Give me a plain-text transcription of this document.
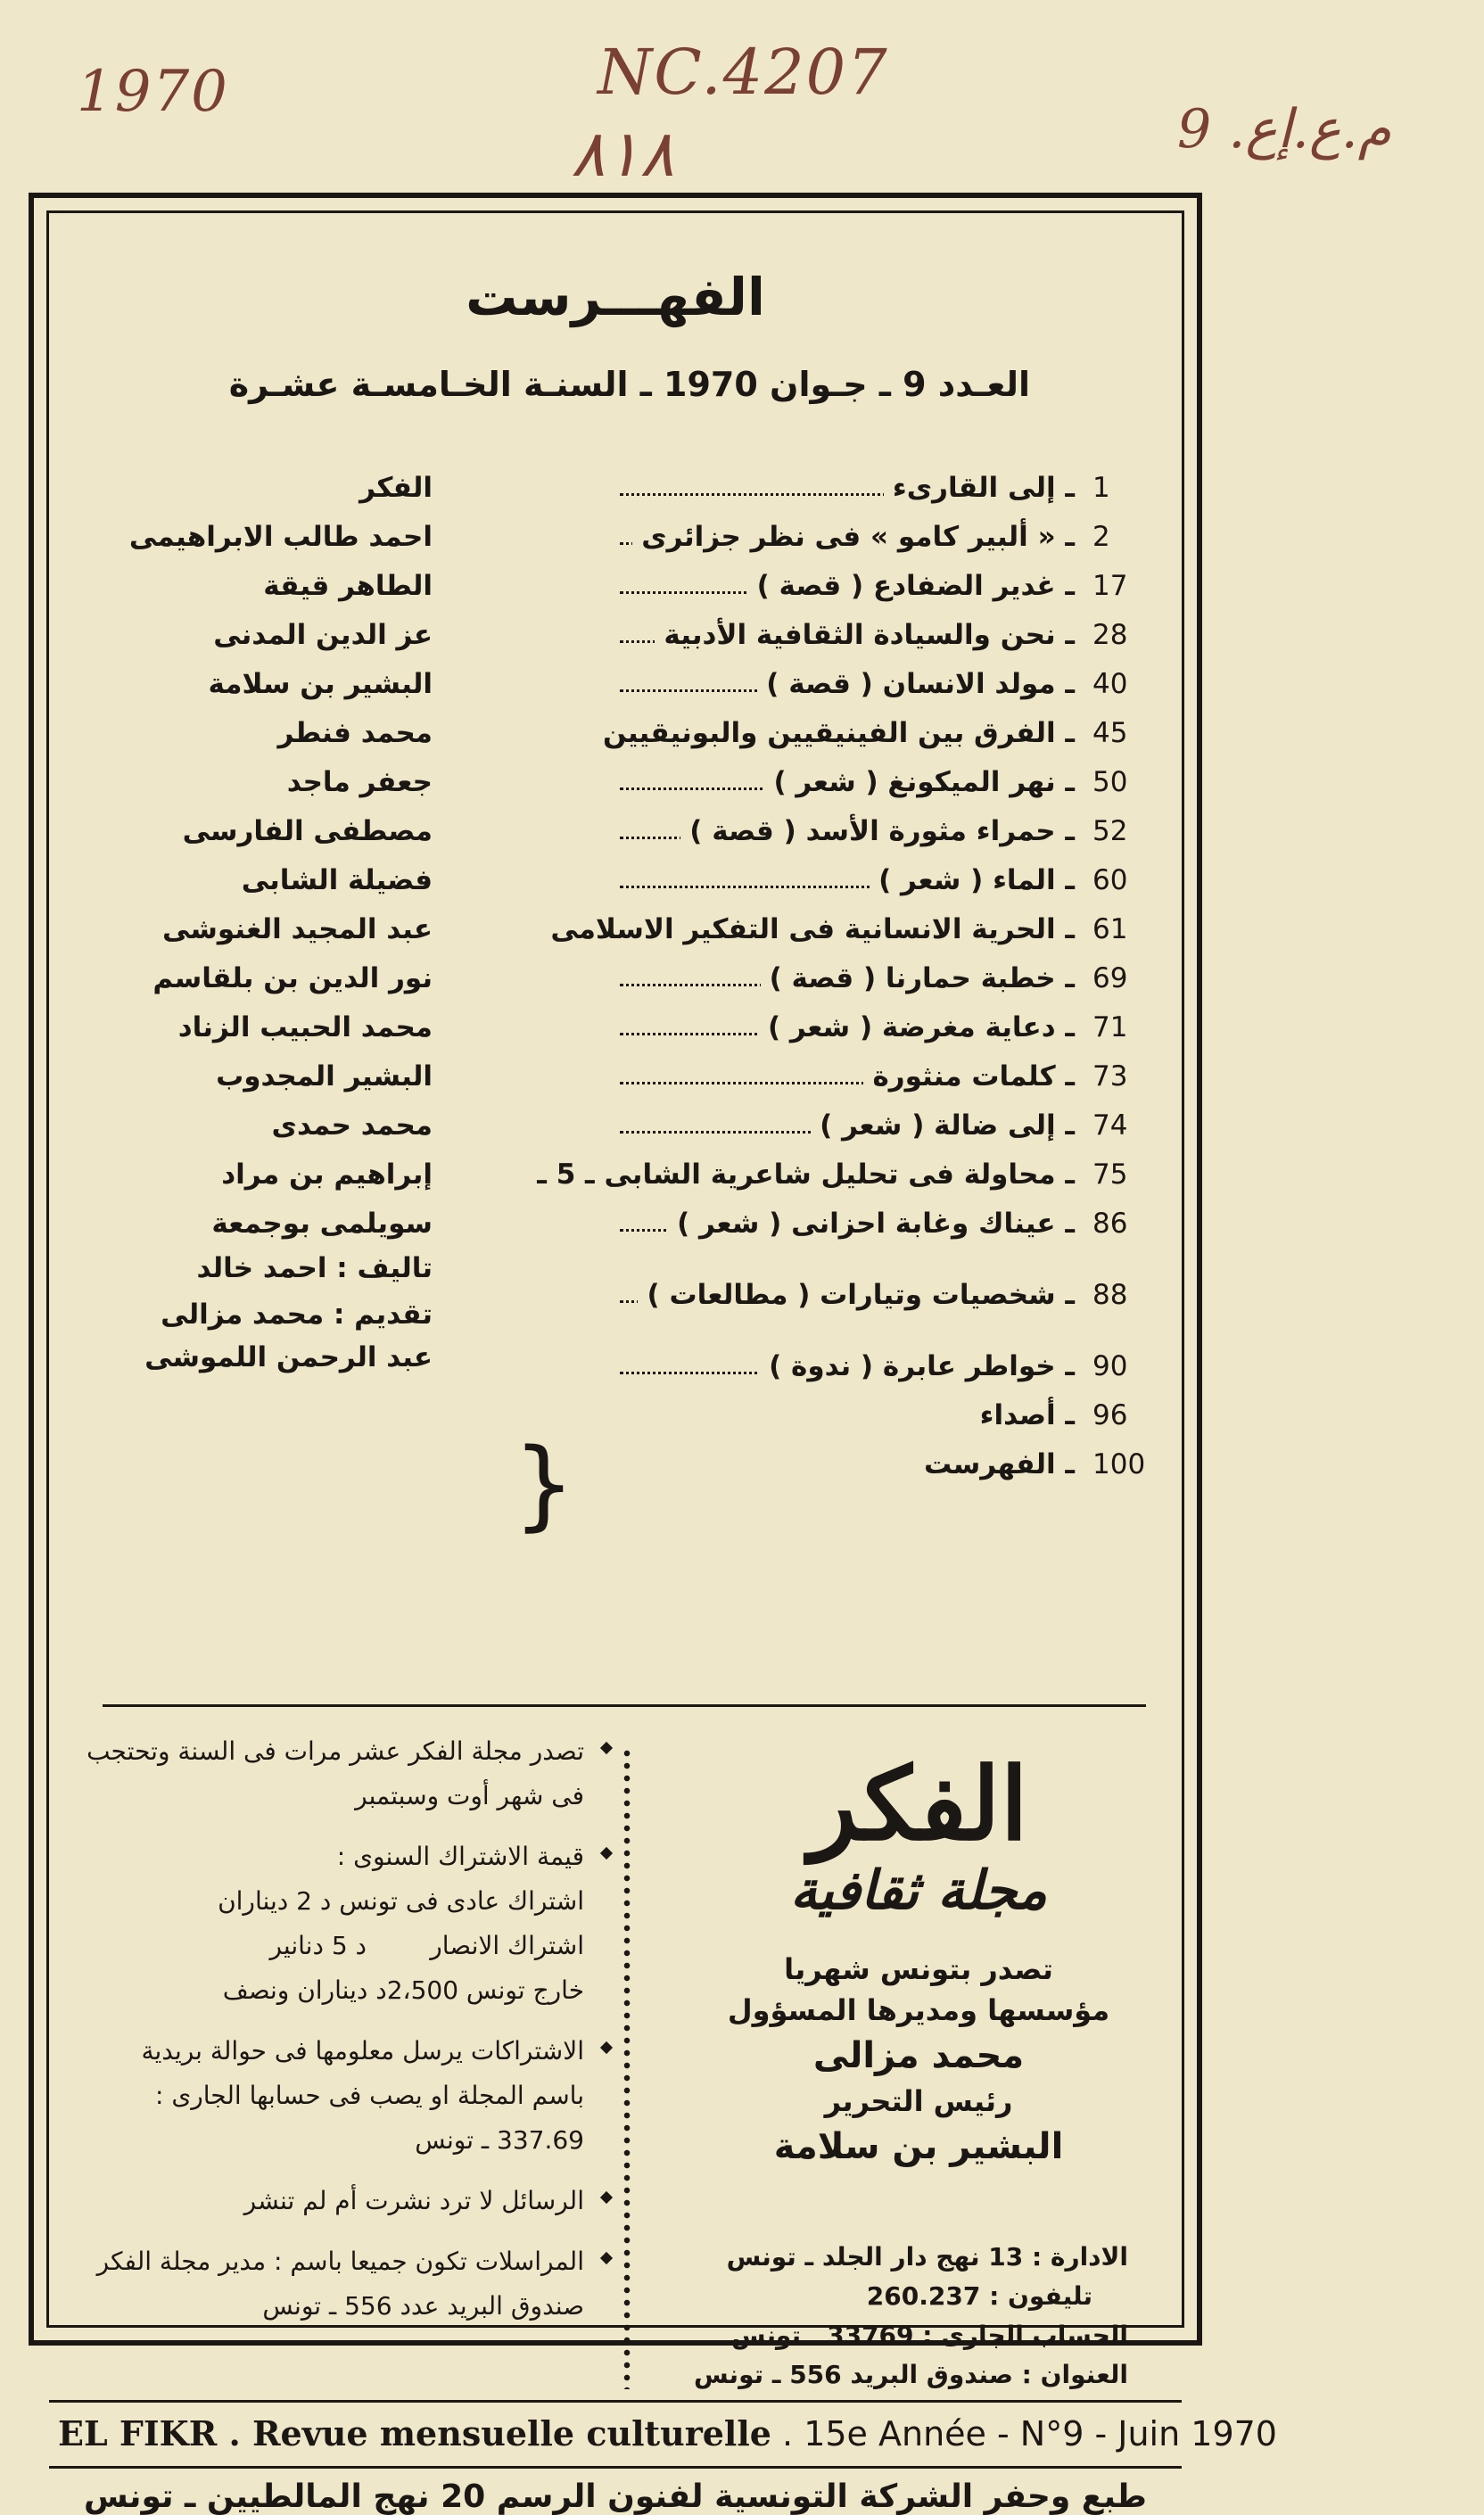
1970	NC.4207
٨١٨	م.ع.إع. 9
الفهـــرست
العـدد 9 ـ جـوان 1970 ـ السنـة الخـامسـة عشـرة
1
ـ إلى القارىء
الفكر
2
ـ « ألبير كامو » فى نظر جزائرى
احمد طالب الابراهيمى
17
ـ غدير الضفادع ( قصة )
الطاهر قيقة
28
ـ نحن والسيادة الثقافية الأدبية
عز الدين المدنى
40
ـ مولد الانسان ( قصة )
البشير بن سلامة
45
ـ الفرق بين الفينيقيين والبونيقيين
محمد فنطر
50
ـ نهر الميكونغ ( شعر )
جعفر ماجد
52
ـ حمراء مثورة الأسد ( قصة )
مصطفى الفارسى
60
ـ الماء ( شعر )
فضيلة الشابى
61
ـ الحرية الانسانية فى التفكير الاسلامى
عبد المجيد الغنوشى
69
ـ خطبة حمارنا ( قصة )
نور الدين بن بلقاسم
71
ـ دعاية مغرضة ( شعر )
محمد الحبيب الزناد
73
ـ كلمات منثورة
البشير المجدوب
74
ـ إلى ضالة ( شعر )
محمد حمدى
75
ـ محاولة فى تحليل شاعرية الشابى ـ 5 ـ
إبراهيم بن مراد
86
ـ عيناك وغابة احزانى ( شعر )
سويلمى بوجمعة
88
ـ شخصيات وتيارات ( مطالعات )
تاليف : احمد خالد
تقديم : محمد مزالى
90
ـ خواطر عابرة ( ندوة )
عبد الرحمن اللموشى
96
ـ أصداء
100
ـ الفهرست
}
تصدر مجلة الفكر عشر مرات فى السنة وتحتجب فى شهر أوت وسبتمبر
قيمة الاشتراك السنوى :
اشتراك عادى فى تونس د 2 ديناران
اشتراك الانصار        د 5 دنانير
خارج تونس 2،500د ديناران ونصف
الاشتراكات يرسل معلومها فى حوالة بريدية باسم المجلة او يصب فى حسابها الجارى : 337.69 ـ تونس
الرسائل لا ترد نشرت أم لم تنشر
المراسلات تكون جميعا باسم : مدير مجلة الفكر
صندوق البريد عدد 556 ـ تونس
الفكر
مجلة ثقافية
تصدر بتونس شهريا
مؤسسها ومديرها المسؤول
محمد مزالى
رئيس التحرير
البشير بن سلامة
الادارة : 13 نهج دار الجلد ـ تونس
تليفون : 260.237
الحساب الجارى : 33769 ـ تونس
العنوان : صندوق البريد 556 ـ تونس
EL FIKR . Revue mensuelle culturelle . 15e Année - N°9 - Juin 1970
طبع وحفر الشركة التونسية لفنون الرسم 20 نهج المالطيين ـ تونس
